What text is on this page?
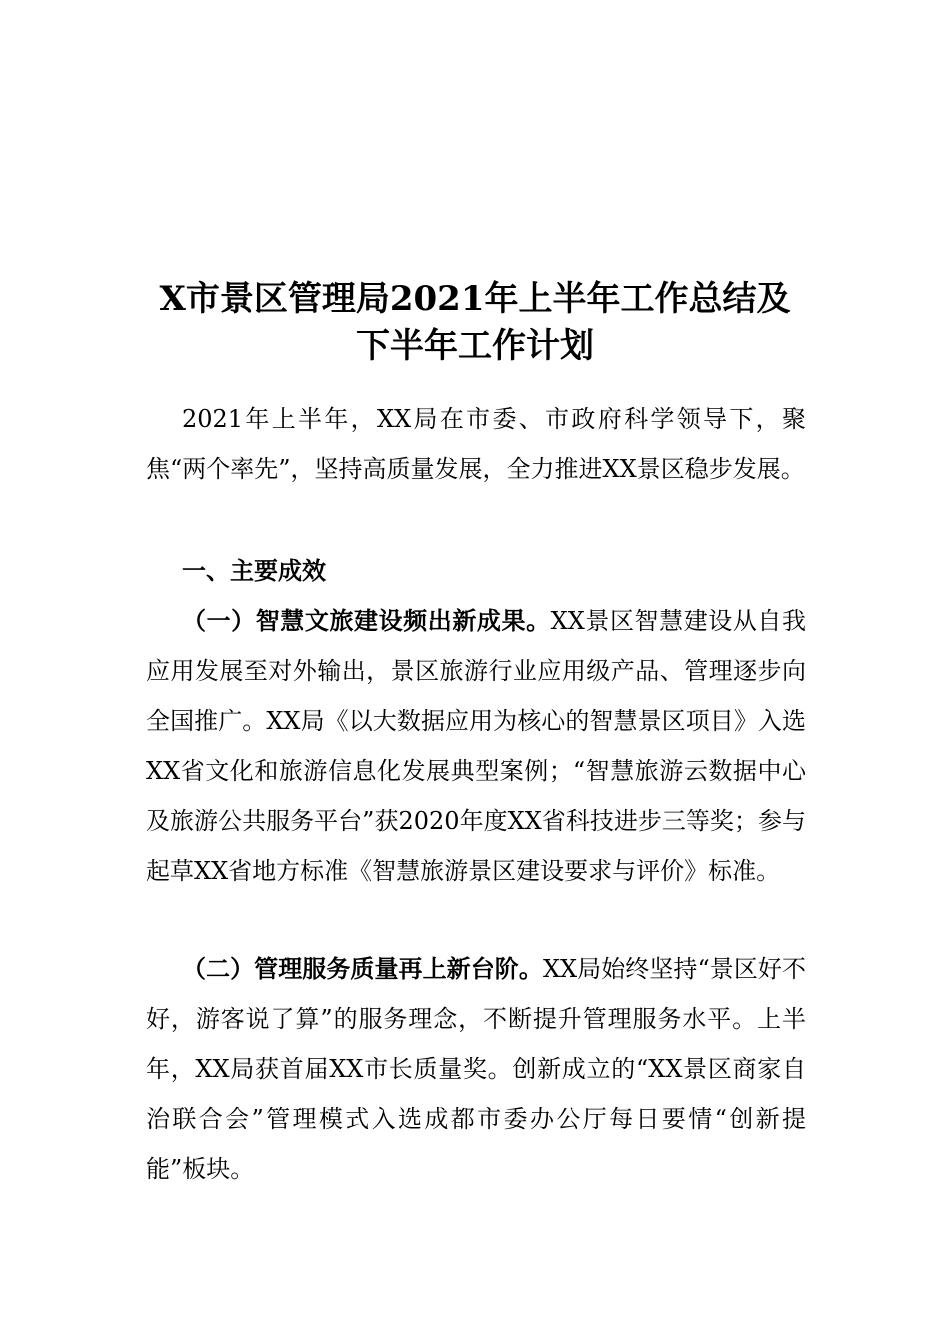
X市景区管理局2021年上半年工作总结及
下半年工作计划
2021年上半年，XX局在市委、市政府科学领导下，聚焦“两个率先”，坚持高质量发展，全力推进XX景区稳步发展。
一、主要成效
（一）智慧文旅建设频出新成果。XX景区智慧建设从自我应用发展至对外输出，景区旅游行业应用级产品、管理逐步向全国推广。XX局《以大数据应用为核心的智慧景区项目》入选XX省文化和旅游信息化发展典型案例；“智慧旅游云数据中心及旅游公共服务平台”获2020年度XX省科技进步三等奖；参与起草XX省地方标准《智慧旅游景区建设要求与评价》标准。
（二）管理服务质量再上新台阶。XX局始终坚持“景区好不好，游客说了算”的服务理念，不断提升管理服务水平。上半年，XX局获首届XX市长质量奖。创新成立的“XX景区商家自治联合会”管理模式入选成都市委办公厅每日要情“创新提能”板块。
